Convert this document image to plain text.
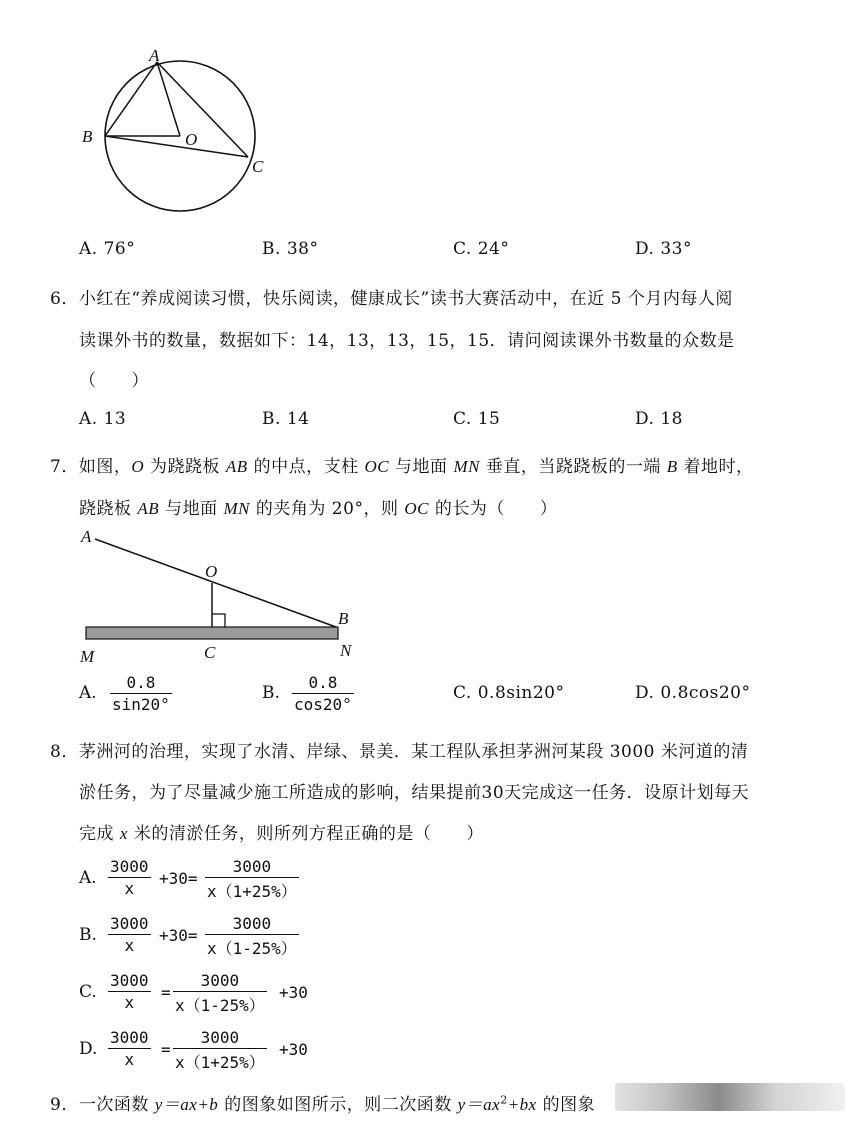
A
B	O
C
A. 76°	B. 38°	C. 24°	D. 33°
6．小红在“养成阅读习惯，快乐阅读，健康成长”读书大赛活动中，在近 5 个月内每人阅
读课外书的数量，数据如下：14，13，13，15，15．请问阅读课外书数量的众数是
（　　）
A. 13	B. 14	C. 15	D. 18
7．如图，O 为跷跷板 AB 的中点，支柱 OC 与地面 MN 垂直，当跷跷板的一端 B 着地时，
跷跷板 AB 与地面 MN 的夹角为 20°，则 OC 的长为（　　）
A
O
B
M	C	N
A. $\frac{0.8}{\sin 20^\circ}$	B. $\frac{0.8}{\cos 20^\circ}$	C. 0.8sin20°	D. 0.8cos20°
8．茅洲河的治理，实现了水清、岸绿、景美．某工程队承担茅洲河某段 3000 米河道的清
淤任务，为了尽量减少施工所造成的影响，结果提前30天完成这一任务．设原计划每天
完成 x 米的清淤任务，则所列方程正确的是（　　）
A. $\frac{3000}{x} +30= \frac{3000}{x(1+25\%)}$
B. $\frac{3000}{x} +30= \frac{3000}{x(1-25\%)}$
C. $\frac{3000}{x} = \frac{3000}{x(1-25\%)} +30$
D. $\frac{3000}{x} = \frac{3000}{x(1+25\%)} +30$
9．一次函数 y＝ax+b 的图象如图所示，则二次函数 $y=ax^2+bx$ 的图象
